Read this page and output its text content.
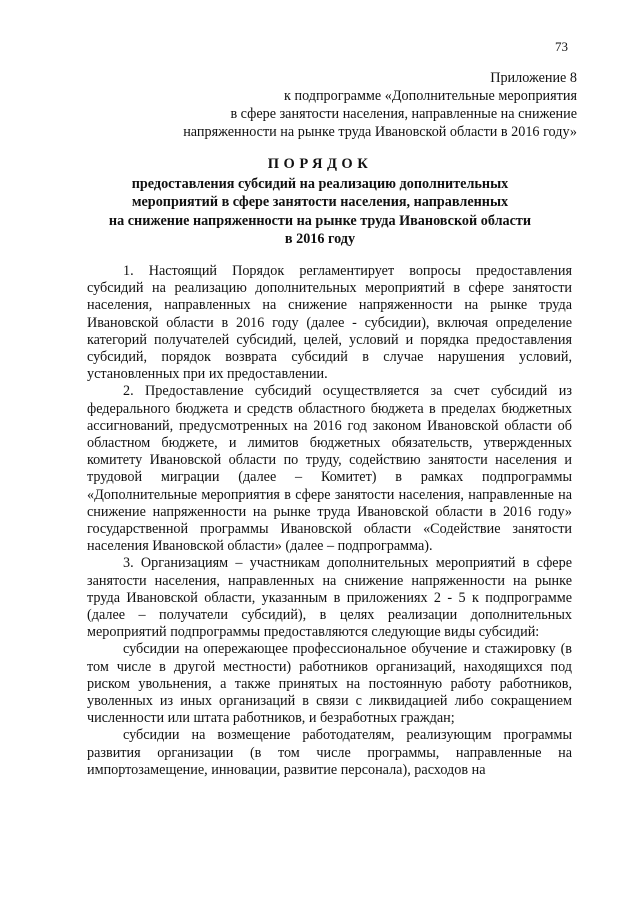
73
Приложение 8
к подпрограмме «Дополнительные мероприятия
в сфере занятости населения, направленные на снижение
напряженности на рынке труда Ивановской области в 2016 году»
ПОРЯДОК
предоставления субсидий на реализацию дополнительных
мероприятий в сфере занятости населения, направленных
на снижение напряженности на рынке труда Ивановской области
в 2016 году

1. Настоящий Порядок регламентирует вопросы предоставления субсидий на реализацию дополнительных мероприятий в сфере занятости населения, направленных на снижение напряженности на рынке труда Ивановской области в 2016 году (далее - субсидии), включая определение категорий получателей субсидий, целей, условий и порядка предоставления субсидий, порядок возврата субсидий в случае нарушения условий, установленных при их предоставлении.

2. Предоставление субсидий осуществляется за счет субсидий из федерального бюджета и средств областного бюджета в пределах бюджетных ассигнований, предусмотренных на 2016 год законом Ивановской области об областном бюджете, и лимитов бюджетных обязательств, утвержденных комитету Ивановской области по труду, содействию занятости населения и трудовой миграции (далее – Комитет) в рамках подпрограммы «Дополнительные мероприятия в сфере занятости населения, направленные на снижение напряженности на рынке труда Ивановской области в 2016 году» государственной программы Ивановской области «Содействие занятости населения Ивановской области» (далее – подпрограмма).

3. Организациям – участникам дополнительных мероприятий в сфере занятости населения, направленных на снижение напряженности на рынке труда Ивановской области, указанным в приложениях 2 - 5 к подпрограмме (далее – получатели субсидий), в целях реализации дополнительных мероприятий подпрограммы предоставляются следующие виды субсидий:

субсидии на опережающее профессиональное обучение и стажировку (в том числе в другой местности) работников организаций, находящихся под риском увольнения, а также принятых на постоянную работу работников, уволенных из иных организаций в связи с ликвидацией либо сокращением численности или штата работников, и безработных граждан;

субсидии на возмещение работодателям, реализующим программы развития организации (в том числе программы, направленные на импортозамещение, инновации, развитие персонала), расходов на
